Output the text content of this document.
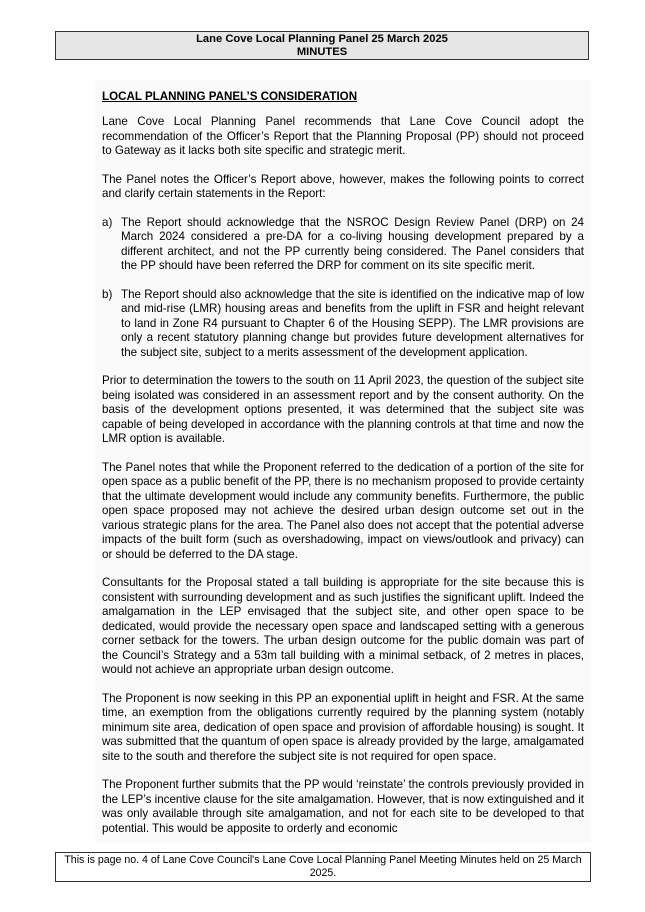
Lane Cove Local Planning Panel 25 March 2025
MINUTES

LOCAL PLANNING PANEL’S CONSIDERATION

Lane Cove Local Planning Panel recommends that Lane Cove Council adopt the recommendation of the Officer’s Report that the Planning Proposal (PP) should not proceed to Gateway as it lacks both site specific and strategic merit.

The Panel notes the Officer’s Report above, however, makes the following points to correct and clarify certain statements in the Report:

a) The Report should acknowledge that the NSROC Design Review Panel (DRP) on 24 March 2024 considered a pre-DA for a co-living housing development prepared by a different architect, and not the PP currently being considered. The Panel considers that the PP should have been referred the DRP for comment on its site specific merit.
b) The Report should also acknowledge that the site is identified on the indicative map of low and mid-rise (LMR) housing areas and benefits from the uplift in FSR and height relevant to land in Zone R4 pursuant to Chapter 6 of the Housing SEPP). The LMR provisions are only a recent statutory planning change but provides future development alternatives for the subject site, subject to a merits assessment of the development application.

Prior to determination the towers to the south on 11 April 2023, the question of the subject site being isolated was considered in an assessment report and by the consent authority. On the basis of the development options presented, it was determined that the subject site was capable of being developed in accordance with the planning controls at that time and now the LMR option is available.

The Panel notes that while the Proponent referred to the dedication of a portion of the site for open space as a public benefit of the PP, there is no mechanism proposed to provide certainty that the ultimate development would include any community benefits. Furthermore, the public open space proposed may not achieve the desired urban design outcome set out in the various strategic plans for the area. The Panel also does not accept that the potential adverse impacts of the built form (such as overshadowing, impact on views/outlook and privacy) can or should be deferred to the DA stage.

Consultants for the Proposal stated a tall building is appropriate for the site because this is consistent with surrounding development and as such justifies the significant uplift. Indeed the amalgamation in the LEP envisaged that the subject site, and other open space to be dedicated, would provide the necessary open space and landscaped setting with a generous corner setback for the towers. The urban design outcome for the public domain was part of the Council’s Strategy and a 53m tall building with a minimal setback, of 2 metres in places, would not achieve an appropriate urban design outcome.

The Proponent is now seeking in this PP an exponential uplift in height and FSR. At the same time, an exemption from the obligations currently required by the planning system (notably minimum site area, dedication of open space and provision of affordable housing) is sought. It was submitted that the quantum of open space is already provided by the large, amalgamated site to the south and therefore the subject site is not required for open space.

The Proponent further submits that the PP would ‘reinstate’ the controls previously provided in the LEP’s incentive clause for the site amalgamation. However, that is now extinguished and it was only available through site amalgamation, and not for each site to be developed to that potential. This would be apposite to orderly and economic

This is page no. 4 of Lane Cove Council's Lane Cove Local Planning Panel Meeting Minutes held on 25 March 2025.
